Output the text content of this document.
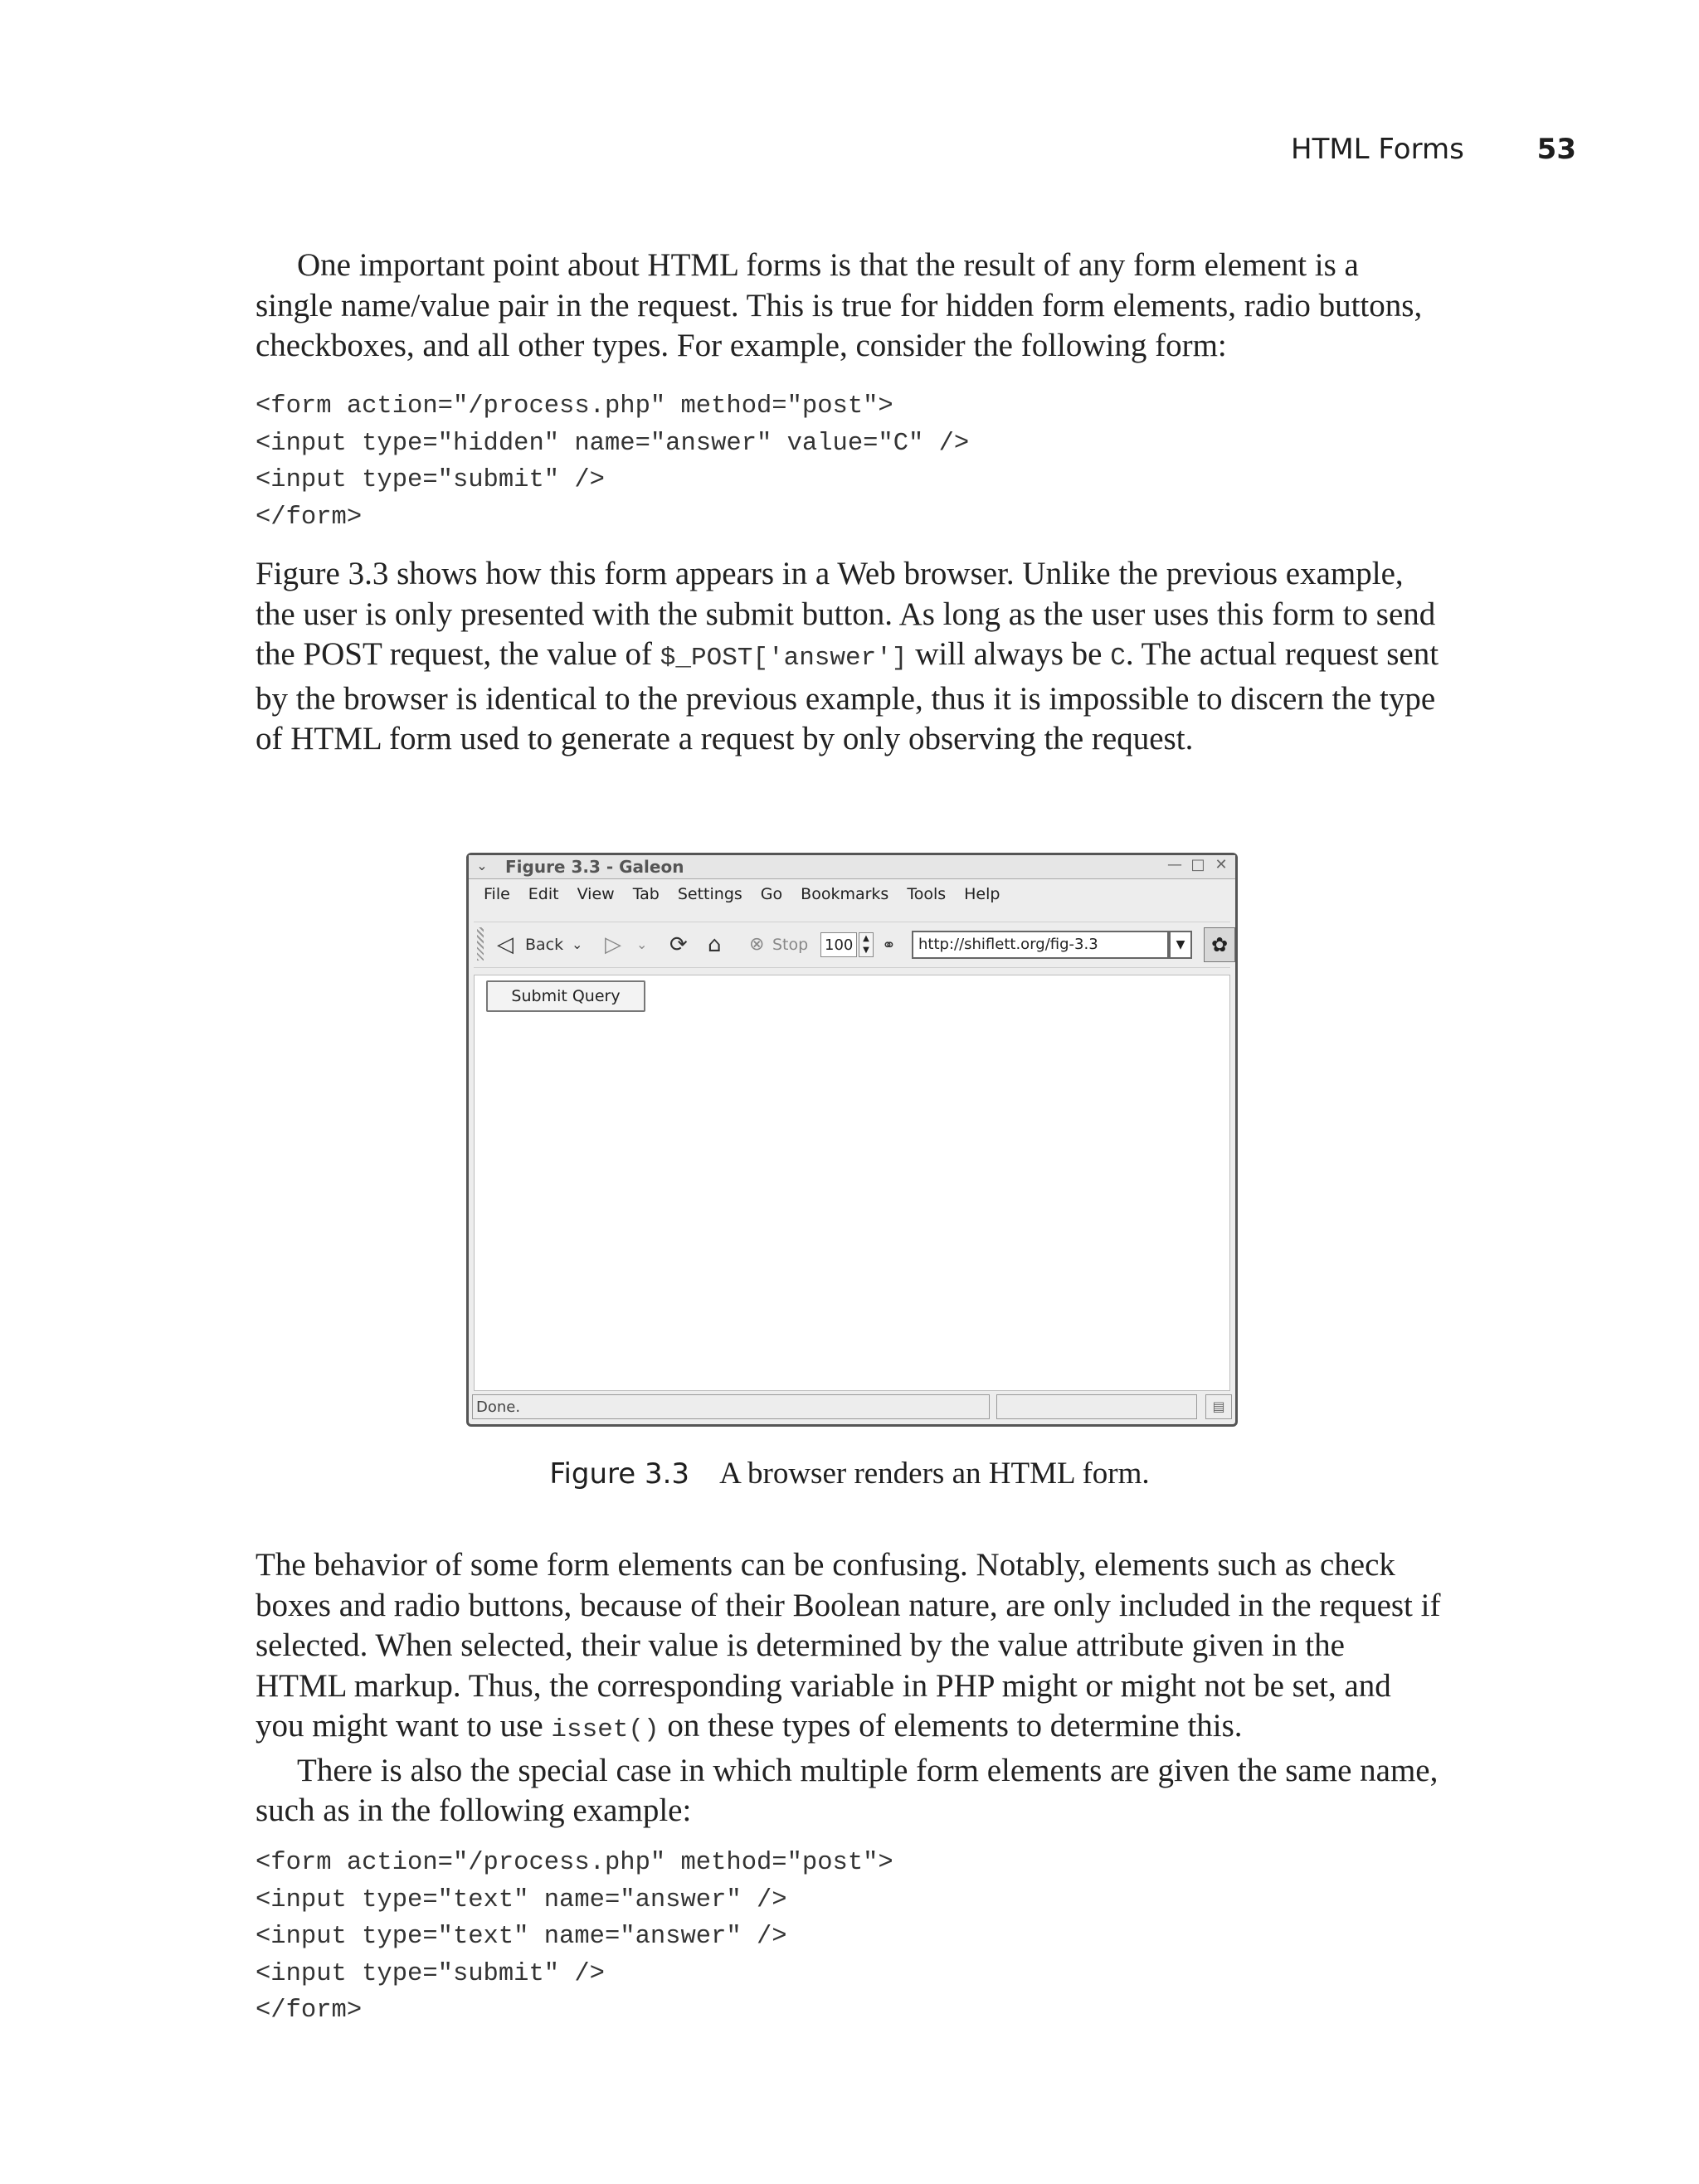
HTML Forms	53

One important point about HTML forms is that the result of any form element is a single name/value pair in the request. This is true for hidden form elements, radio buttons, checkboxes, and all other types. For example, consider the following form:

<form action="/process.php" method="post">
<input type="hidden" name="answer" value="C" />
<input type="submit" />
</form>

Figure 3.3 shows how this form appears in a Web browser. Unlike the previous example, the user is only presented with the submit button. As long as the user uses this form to send the POST request, the value of $_POST['answer'] will always be C. The actual request sent by the browser is identical to the previous example, thus it is impossible to discern the type of HTML form used to generate a request by only observing the request.

⌄ Figure 3.3 - Galeon	— □ ✕
File Edit View Tab Settings Go Bookmarks Tools Help
◁ Back ⌄ ▷ ⌄ ⟳ ⌂ ⊗ Stop 100	▲
▼ ⚭	http://shiflett.org/fig-3.3	▼	✿
Submit Query
Done.	▤
Figure 3.3 A browser renders an HTML form.

The behavior of some form elements can be confusing. Notably, elements such as check boxes and radio buttons, because of their Boolean nature, are only included in the request if selected. When selected, their value is determined by the value attribute given in the HTML markup. Thus, the corresponding variable in PHP might or might not be set, and you might want to use isset() on these types of elements to determine this.

There is also the special case in which multiple form elements are given the same name, such as in the following example:

<form action="/process.php" method="post">
<input type="text" name="answer" />
<input type="text" name="answer" />
<input type="submit" />
</form>
